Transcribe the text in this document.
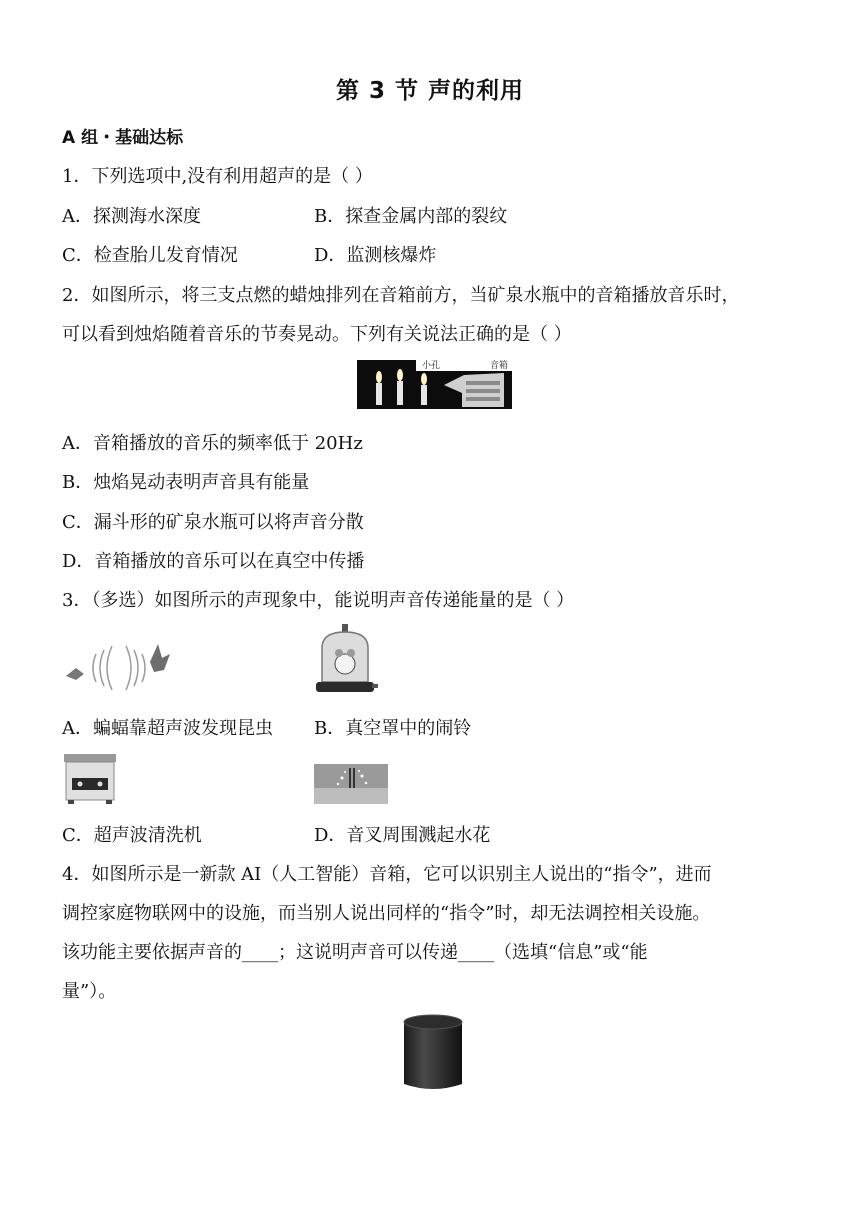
第 3 节 声的利用
A 组・基础达标
1．下列选项中,没有利用超声的是（ ）
A．探测海水深度	B．探查金属内部的裂纹
C．检查胎儿发育情况	D．监测核爆炸
2．如图所示，将三支点燃的蜡烛排列在音箱前方，当矿泉水瓶中的音箱播放音乐时，
可以看到烛焰随着音乐的节奏晃动。下列有关说法正确的是（ ）
小孔	音箱
A．音箱播放的音乐的频率低于 20Hz
B．烛焰晃动表明声音具有能量
C．漏斗形的矿泉水瓶可以将声音分散
D．音箱播放的音乐可以在真空中传播
3．（多选）如图所示的声现象中，能说明声音传递能量的是（ ）
A．蝙蝠靠超声波发现昆虫 B．真空罩中的闹铃
C．超声波清洗机	D．音叉周围溅起水花
4．如图所示是一新款 AI（人工智能）音箱，它可以识别主人说出的“指令”，进而
调控家庭物联网中的设施，而当别人说出同样的“指令”时，却无法调控相关设施。
该功能主要依据声音的____；这说明声音可以传递____（选填“信息”或“能
量”）。
